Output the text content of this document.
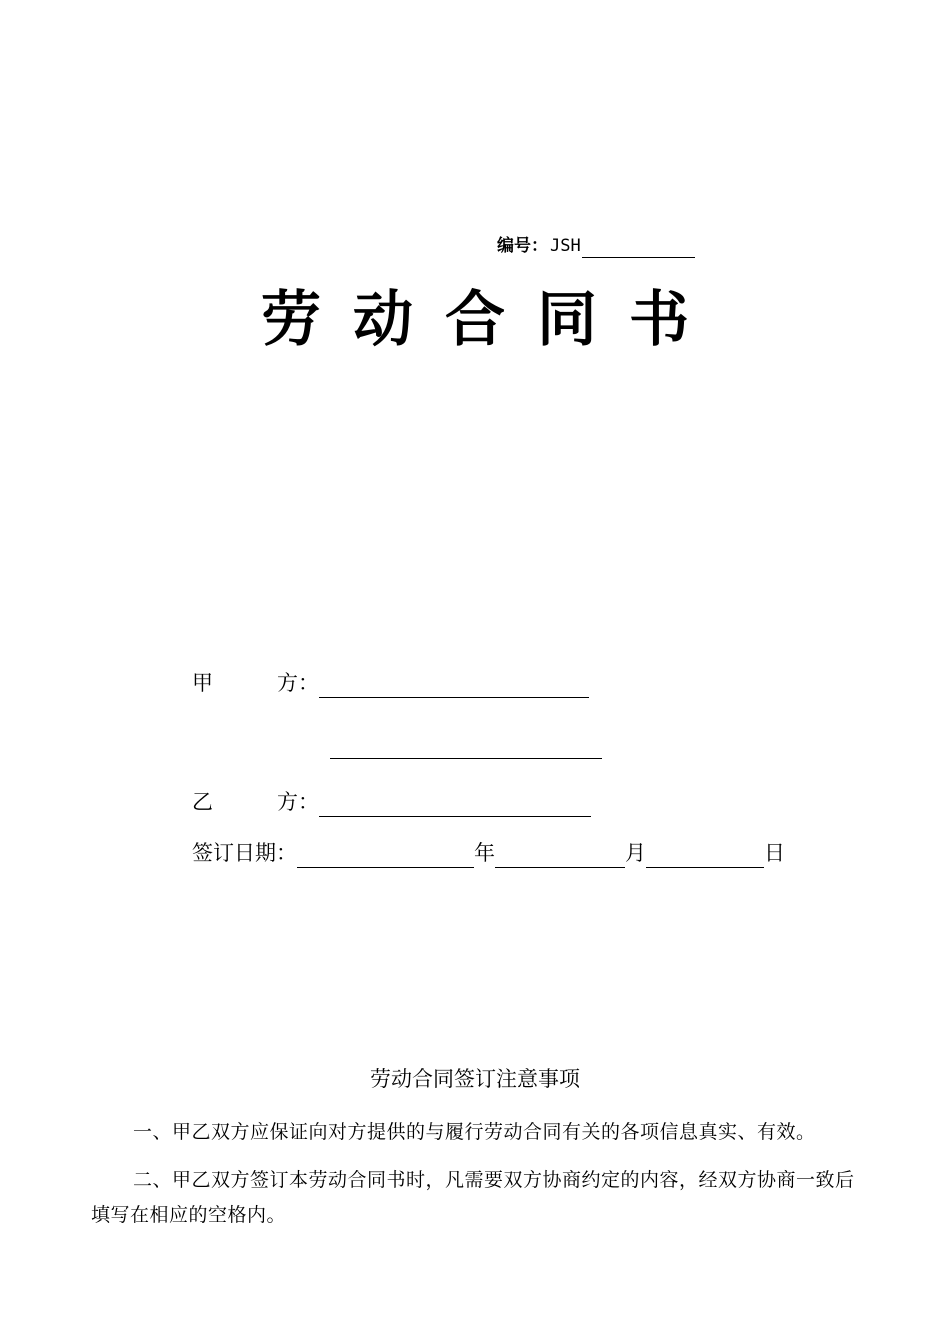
编号： JSH
劳动合同书
甲	方：
乙	方：
签订日期：	年	月	日
劳动合同签订注意事项
一、甲乙双方应保证向对方提供的与履行劳动合同有关的各项信息真实、有效。
二、甲乙双方签订本劳动合同书时，凡需要双方协商约定的内容，经双方协商一致后填写在相应的空格内。
